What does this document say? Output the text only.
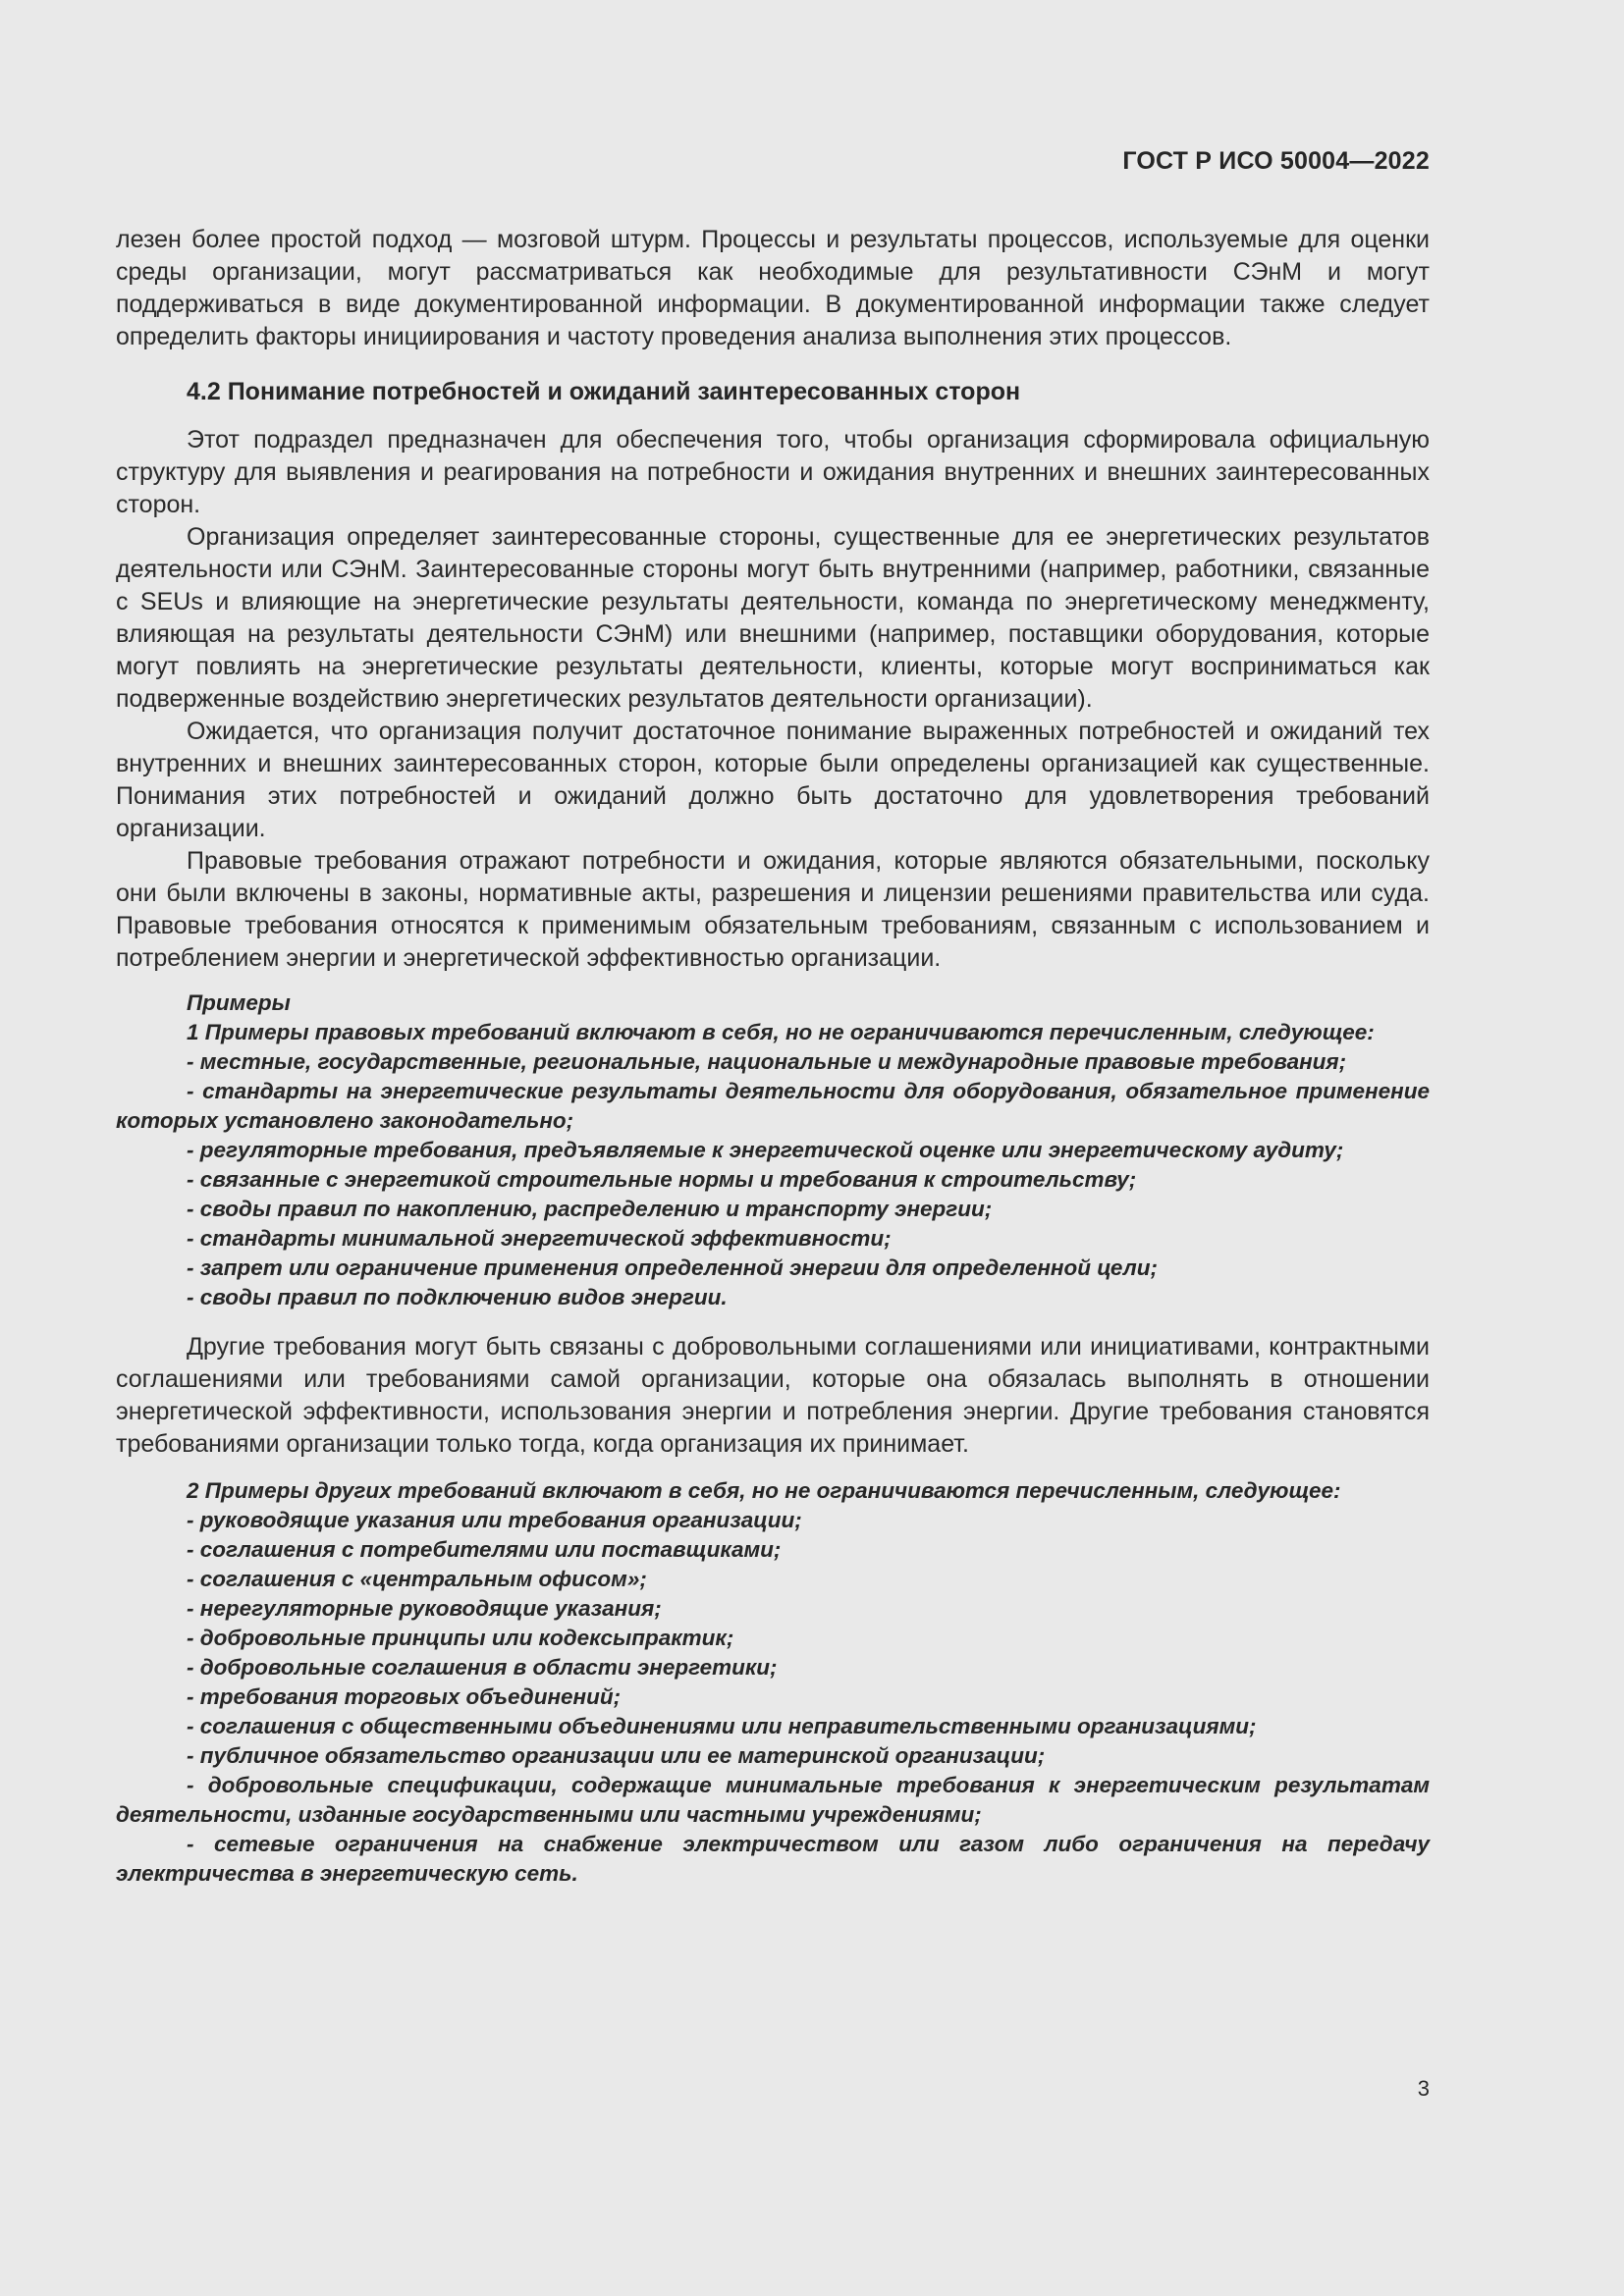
ГОСТ Р ИСО 50004—2022

лезен более простой подход — мозговой штурм. Процессы и результаты процессов, используемые для оценки среды организации, могут рассматриваться как необходимые для результативности СЭнМ и могут поддерживаться в виде документированной информации. В документированной информации также следует определить факторы инициирования и частоту проведения анализа выполнения этих процессов.

4.2 Понимание потребностей и ожиданий заинтересованных сторон

Этот подраздел предназначен для обеспечения того, чтобы организация сформировала официальную структуру для выявления и реагирования на потребности и ожидания внутренних и внешних заинтересованных сторон.

Организация определяет заинтересованные стороны, существенные для ее энергетических результатов деятельности или СЭнМ. Заинтересованные стороны могут быть внутренними (например, работники, связанные с SEUs и влияющие на энергетические результаты деятельности, команда по энергетическому менеджменту, влияющая на результаты деятельности СЭнМ) или внешними (например, поставщики оборудования, которые могут повлиять на энергетические результаты деятельности, клиенты, которые могут восприниматься как подверженные воздействию энергетических результатов деятельности организации).

Ожидается, что организация получит достаточное понимание выраженных потребностей и ожиданий тех внутренних и внешних заинтересованных сторон, которые были определены организацией как существенные. Понимания этих потребностей и ожиданий должно быть достаточно для удовлетворения требований организации.

Правовые требования отражают потребности и ожидания, которые являются обязательными, поскольку они были включены в законы, нормативные акты, разрешения и лицензии решениями правительства или суда. Правовые требования относятся к применимым обязательным требованиям, связанным с использованием и потреблением энергии и энергетической эффективностью организации.

Примеры

1 Примеры правовых требований включают в себя, но не ограничиваются перечисленным, следующее:

- местные, государственные, региональные, национальные и международные правовые требования;

- стандарты на энергетические результаты деятельности для оборудования, обязательное применение которых установлено законодательно;

- регуляторные требования, предъявляемые к энергетической оценке или энергетическому аудиту;

- связанные с энергетикой строительные нормы и требования к строительству;

- своды правил по накоплению, распределению и транспорту энергии;

- стандарты минимальной энергетической эффективности;

- запрет или ограничение применения определенной энергии для определенной цели;

- своды правил по подключению видов энергии.

Другие требования могут быть связаны с добровольными соглашениями или инициативами, контрактными соглашениями или требованиями самой организации, которые она обязалась выполнять в отношении энергетической эффективности, использования энергии и потребления энергии. Другие требования становятся требованиями организации только тогда, когда организация их принимает.

2 Примеры других требований включают в себя, но не ограничиваются перечисленным, следующее:

- руководящие указания или требования организации;

- соглашения с потребителями или поставщиками;

- соглашения с «центральным офисом»;

- нерегуляторные руководящие указания;

- добровольные принципы или кодексыпрактик;

- добровольные соглашения в области энергетики;

- требования торговых объединений;

- соглашения с общественными объединениями или неправительственными организациями;

- публичное обязательство организации или ее материнской организации;

- добровольные спецификации, содержащие минимальные требования к энергетическим результатам деятельности, изданные государственными или частными учреждениями;

- сетевые ограничения на снабжение электричеством или газом либо ограничения на передачу электричества в энергетическую сеть.

3
